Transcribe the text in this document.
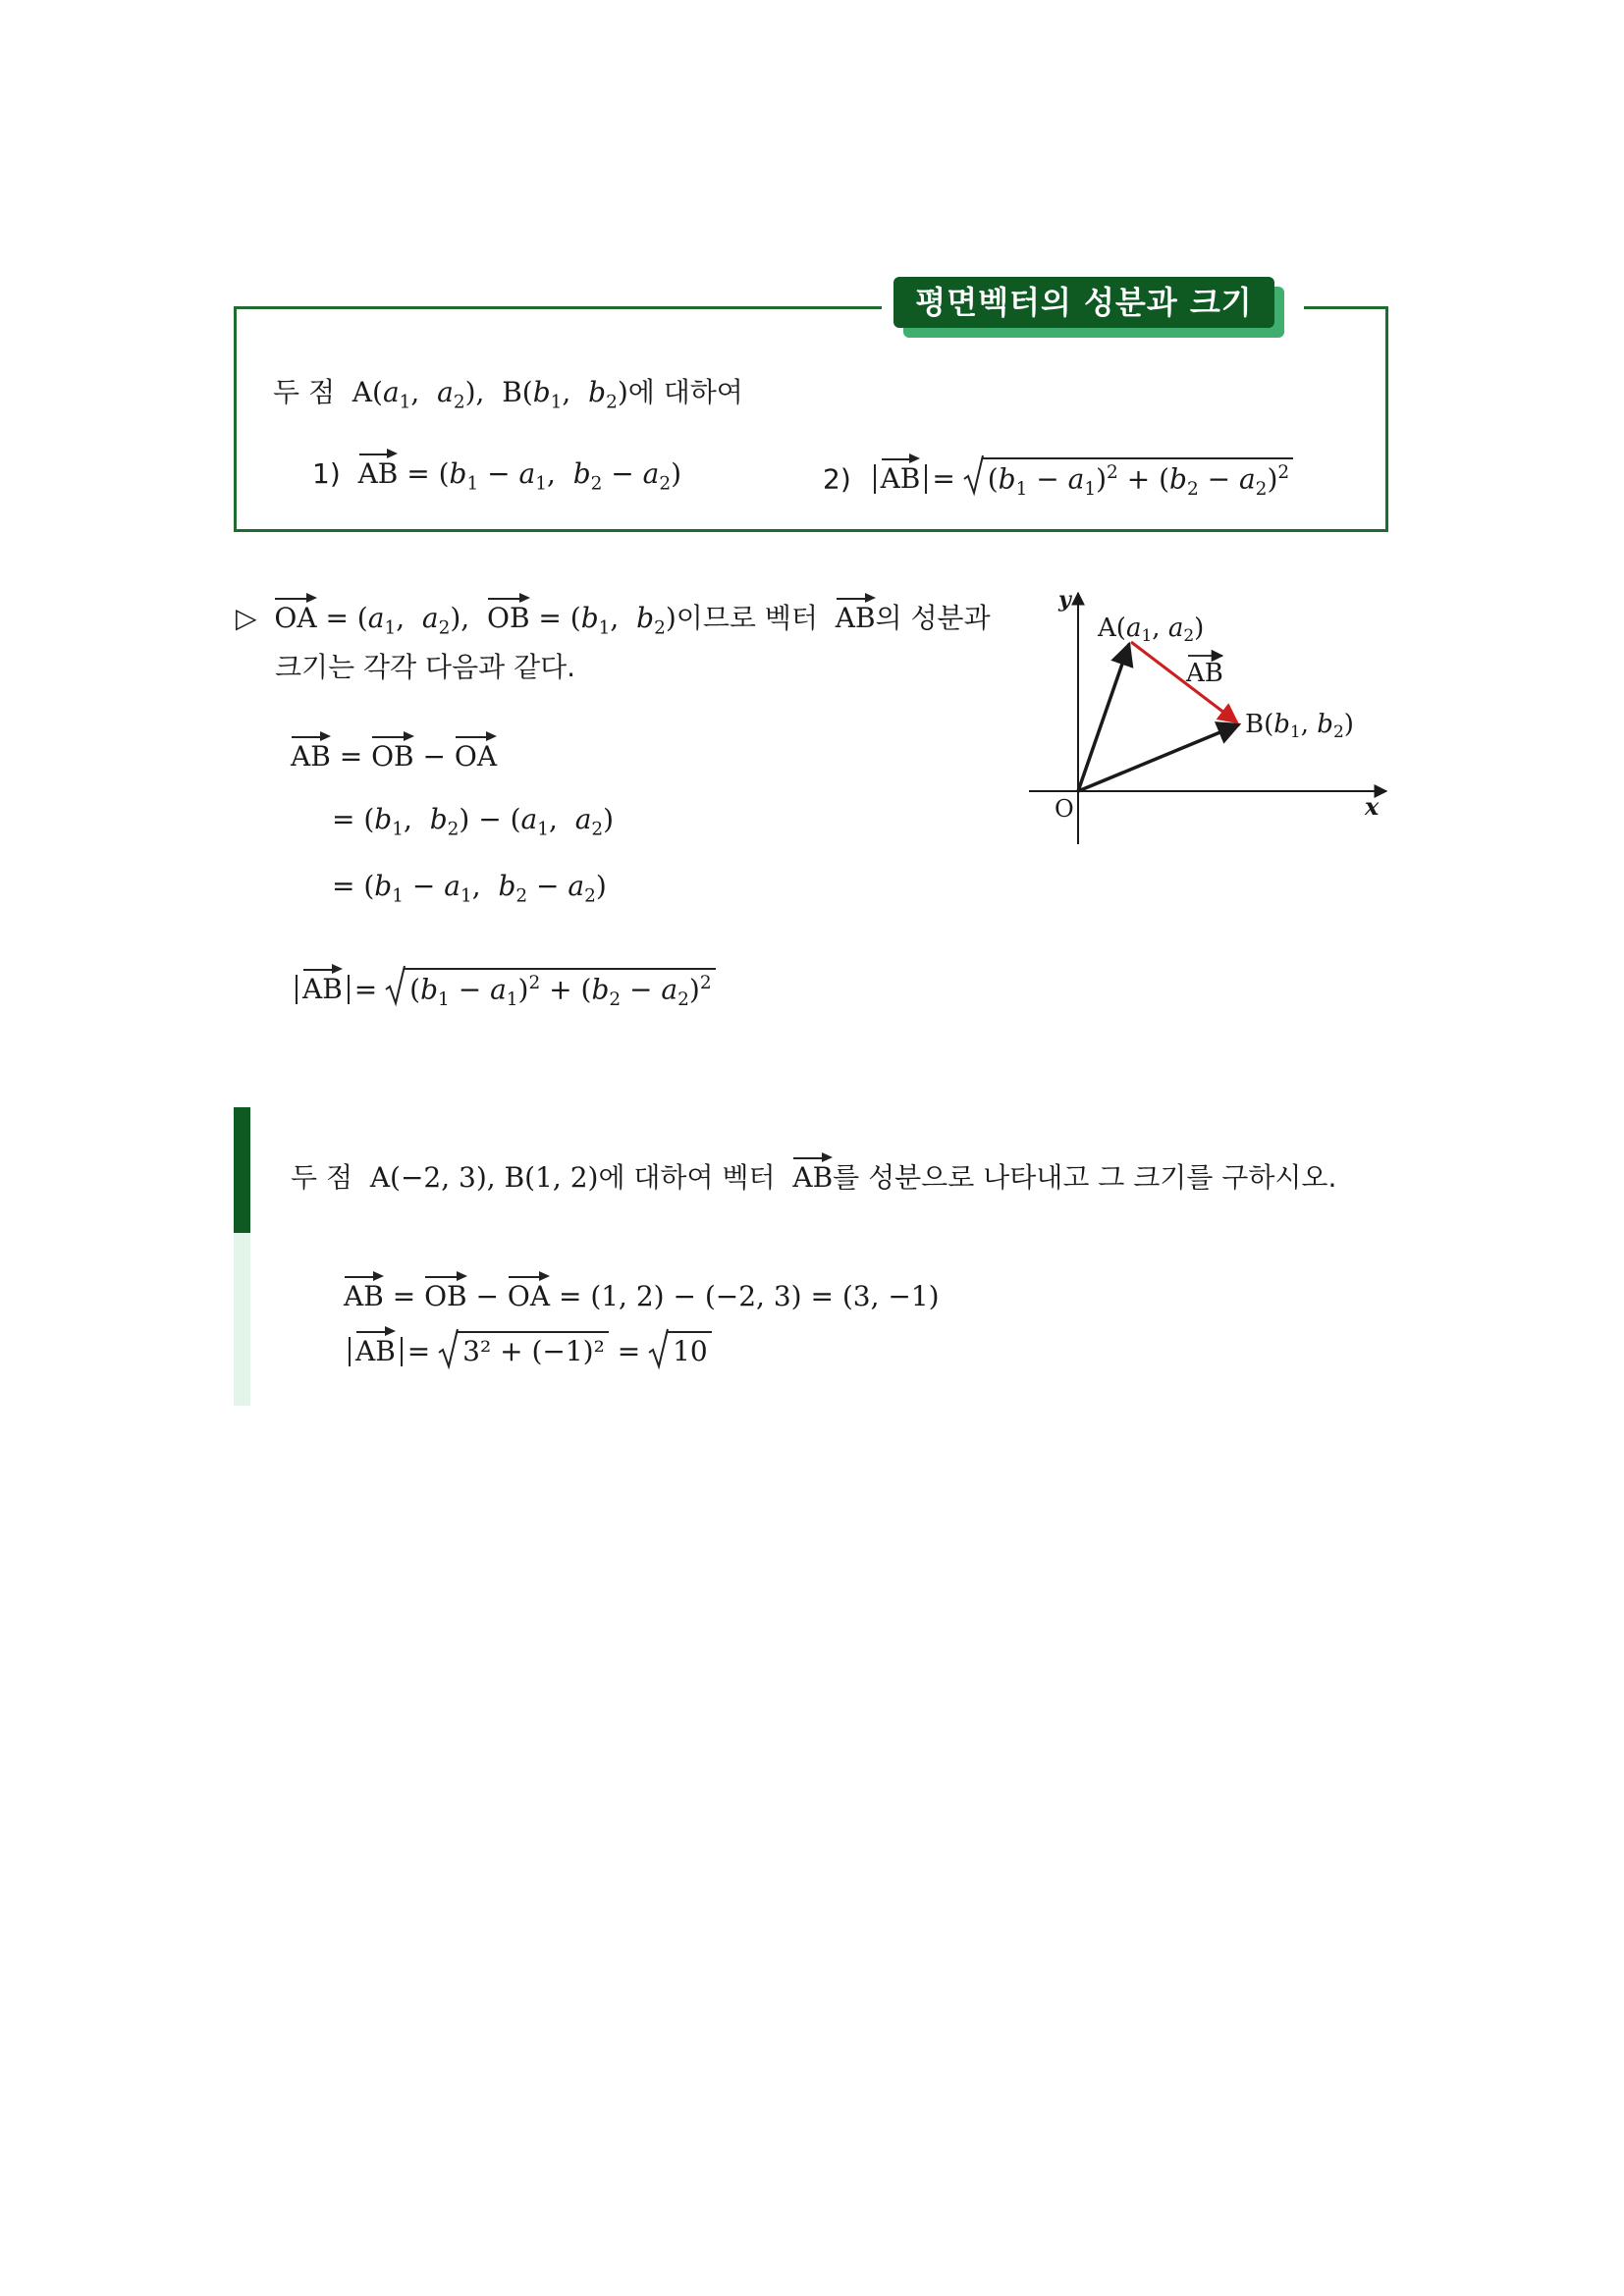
평면벡터의 성분과 크기
두 점  $A(a_1$,  $a_2$),  $B(b_1$,  $b_2$)에 대하여
1) AB = ($b_1 - a_1$,  $b_2 - a_2$)	2) AB =
$(b_1 - a_1)^2 + (b_2 - a_2)^2$
▷ OA = ($a_1$,  $a_2$),  OB = ($b_1$,  $b_2$)이므로 벡터 AB의 성분과
크기는 각각 다음과 같다.
AB = OB − OA
= ($b_1$,  $b_2) - (a_1$,  $a_2$)
= ($b_1 - a_1$,  $b_2 - a_2$)
AB =
$(b_1 - a_1)^2 + (b_2 - a_2)^2$
y
x
O
A(a1, a2)
B(b1, b2)
AB
두 점 A(−2, 3), B(1, 2)에 대하여 벡터 AB를 성분으로 나타내고 그 크기를 구하시오.
AB = OB − OA = (1, 2) − (−2, 3) = (3, −1)
AB =
3² + (−1)² =
10
